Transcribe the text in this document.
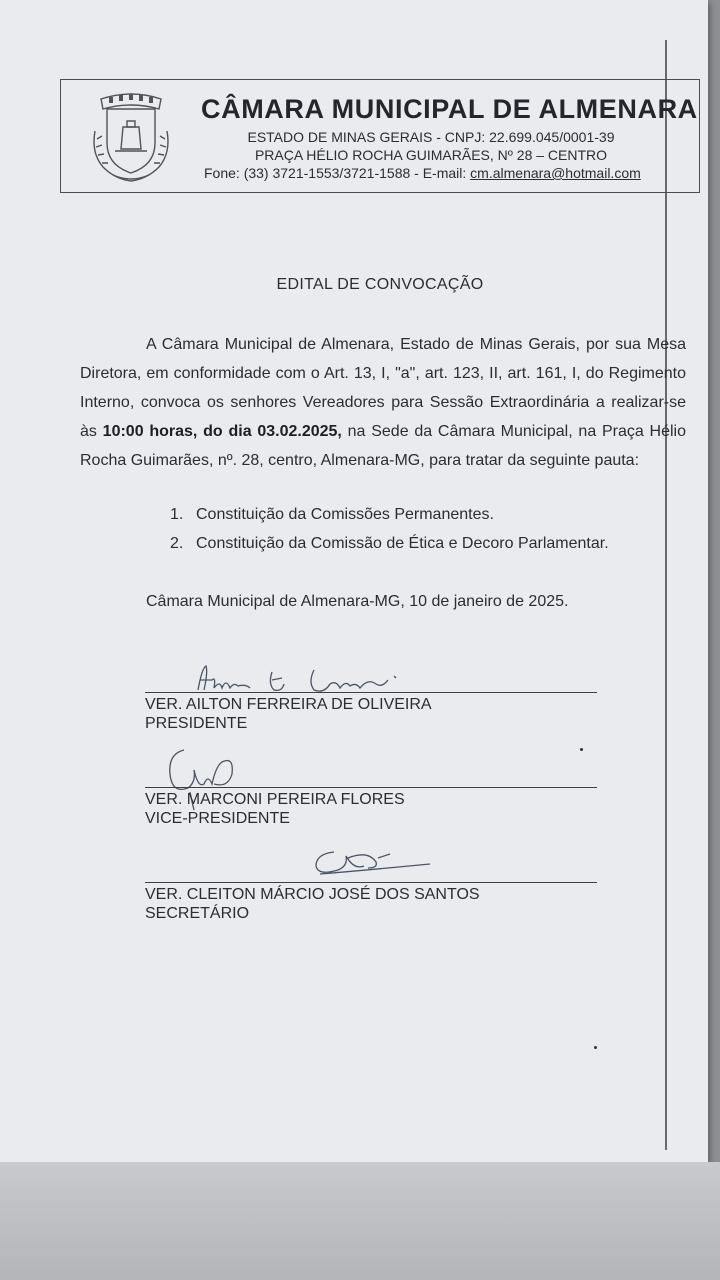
CÂMARA MUNICIPAL DE ALMENARA
ESTADO DE MINAS GERAIS - CNPJ: 22.699.045/0001-39
PRAÇA HÉLIO ROCHA GUIMARÃES, Nº 28 – CENTRO
Fone: (33) 3721-1553/3721-1588 - E-mail: cm.almenara@hotmail.com
EDITAL DE CONVOCAÇÃO
A Câmara Municipal de Almenara, Estado de Minas Gerais, por sua Mesa Diretora, em conformidade com o Art. 13, I, "a", art. 123, II, art. 161, I, do Regimento Interno, convoca os senhores Vereadores para Sessão Extraordinária a realizar-se às 10:00 horas, do dia 03.02.2025, na Sede da Câmara Municipal, na Praça Hélio Rocha Guimarães, nº. 28, centro, Almenara-MG, para tratar da seguinte pauta:
1. Constituição da Comissões Permanentes.
2. Constituição da Comissão de Ética e Decoro Parlamentar.
Câmara Municipal de Almenara-MG, 10 de janeiro de 2025.
VER. AILTON FERREIRA DE OLIVEIRA
PRESIDENTE
VER. MARCONI PEREIRA FLORES
VICE-PRESIDENTE
VER. CLEITON MÁRCIO JOSÉ DOS SANTOS
SECRETÁRIO
